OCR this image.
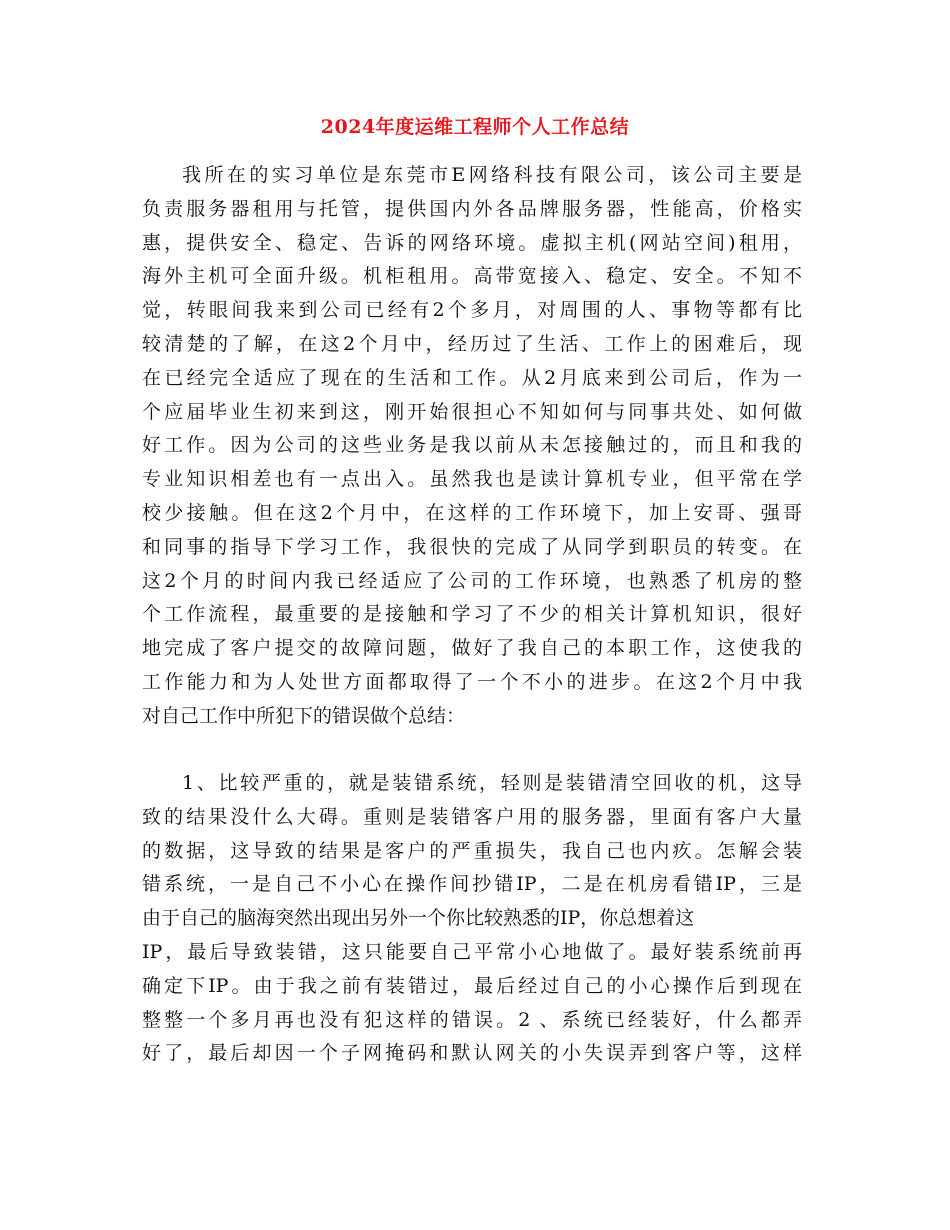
2024年度运维工程师个人工作总结
我所在的实习单位是东莞市E网络科技有限公司，该公司主要是
负责服务器租用与托管，提供国内外各品牌服务器，性能高，价格实
惠，提供安全、稳定、告诉的网络环境。虚拟主机(网站空间)租用，
海外主机可全面升级。机柜租用。高带宽接入、稳定、安全。不知不
觉，转眼间我来到公司已经有2个多月，对周围的人、事物等都有比
较清楚的了解，在这2个月中，经历过了生活、工作上的困难后，现
在已经完全适应了现在的生活和工作。从2月底来到公司后，作为一
个应届毕业生初来到这，刚开始很担心不知如何与同事共处、如何做
好工作。因为公司的这些业务是我以前从未怎接触过的，而且和我的
专业知识相差也有一点出入。虽然我也是读计算机专业，但平常在学
校少接触。但在这2个月中，在这样的工作环境下，加上安哥、强哥
和同事的指导下学习工作，我很快的完成了从同学到职员的转变。在
这2个月的时间内我已经适应了公司的工作环境，也熟悉了机房的整
个工作流程，最重要的是接触和学习了不少的相关计算机知识，很好
地完成了客户提交的故障问题，做好了我自己的本职工作，这使我的
工作能力和为人处世方面都取得了一个不小的进步。在这2个月中我
对自己工作中所犯下的错误做个总结：
1、比较严重的，就是装错系统，轻则是装错清空回收的机，这导
致的结果没什么大碍。重则是装错客户用的服务器，里面有客户大量
的数据，这导致的结果是客户的严重损失，我自己也内疚。怎解会装
错系统，一是自己不小心在操作间抄错IP，二是在机房看错IP，三是
由于自己的脑海突然出现出另外一个你比较熟悉的IP，你总想着这
IP，最后导致装错，这只能要自己平常小心地做了。最好装系统前再
确定下IP。由于我之前有装错过，最后经过自己的小心操作后到现在
整整一个多月再也没有犯这样的错误。2 、系统已经装好，什么都弄
好了，最后却因一个子网掩码和默认网关的小失误弄到客户等，这样
